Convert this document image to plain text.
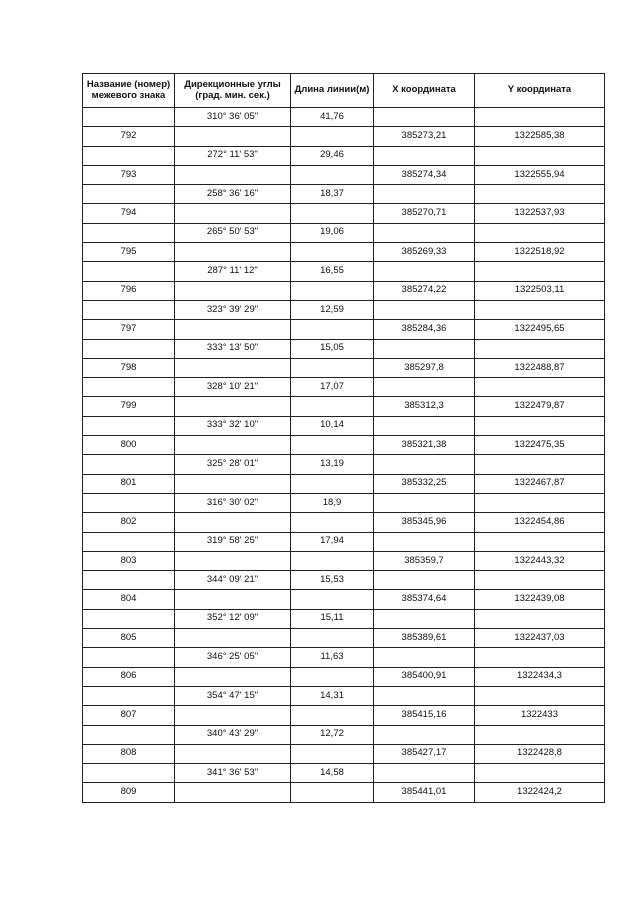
Название (номер) межевого знака	Дирекционные углы (град. мин. сек.)	Длина линии(м)	X координата	Y координата
	310° 36' 05"	41,76		
792			385273,21	1322585,38
	272° 11' 53"	29,46		
793			385274,34	1322555,94
	258° 36' 16"	18,37		
794			385270,71	1322537,93
	265° 50' 53"	19,06		
795			385269,33	1322518,92
	287° 11' 12"	16,55		
796			385274,22	1322503,11
	323° 39' 29"	12,59		
797			385284,36	1322495,65
	333° 13' 50"	15,05		
798			385297,8	1322488,87
	328° 10' 21"	17,07		
799			385312,3	1322479,87
	333° 32' 10"	10,14		
800			385321,38	1322475,35
	325° 28' 01"	13,19		
801			385332,25	1322467,87
	316° 30' 02"	18,9		
802			385345,96	1322454,86
	319° 58' 25"	17,94		
803			385359,7	1322443,32
	344° 09' 21"	15,53		
804			385374,64	1322439,08
	352° 12' 09"	15,11		
805			385389,61	1322437,03
	346° 25' 05"	11,63		
806			385400,91	1322434,3
	354° 47' 15"	14,31		
807			385415,16	1322433
	340° 43' 29"	12,72		
808			385427,17	1322428,8
	341° 36' 53"	14,58		
809			385441,01	1322424,2
